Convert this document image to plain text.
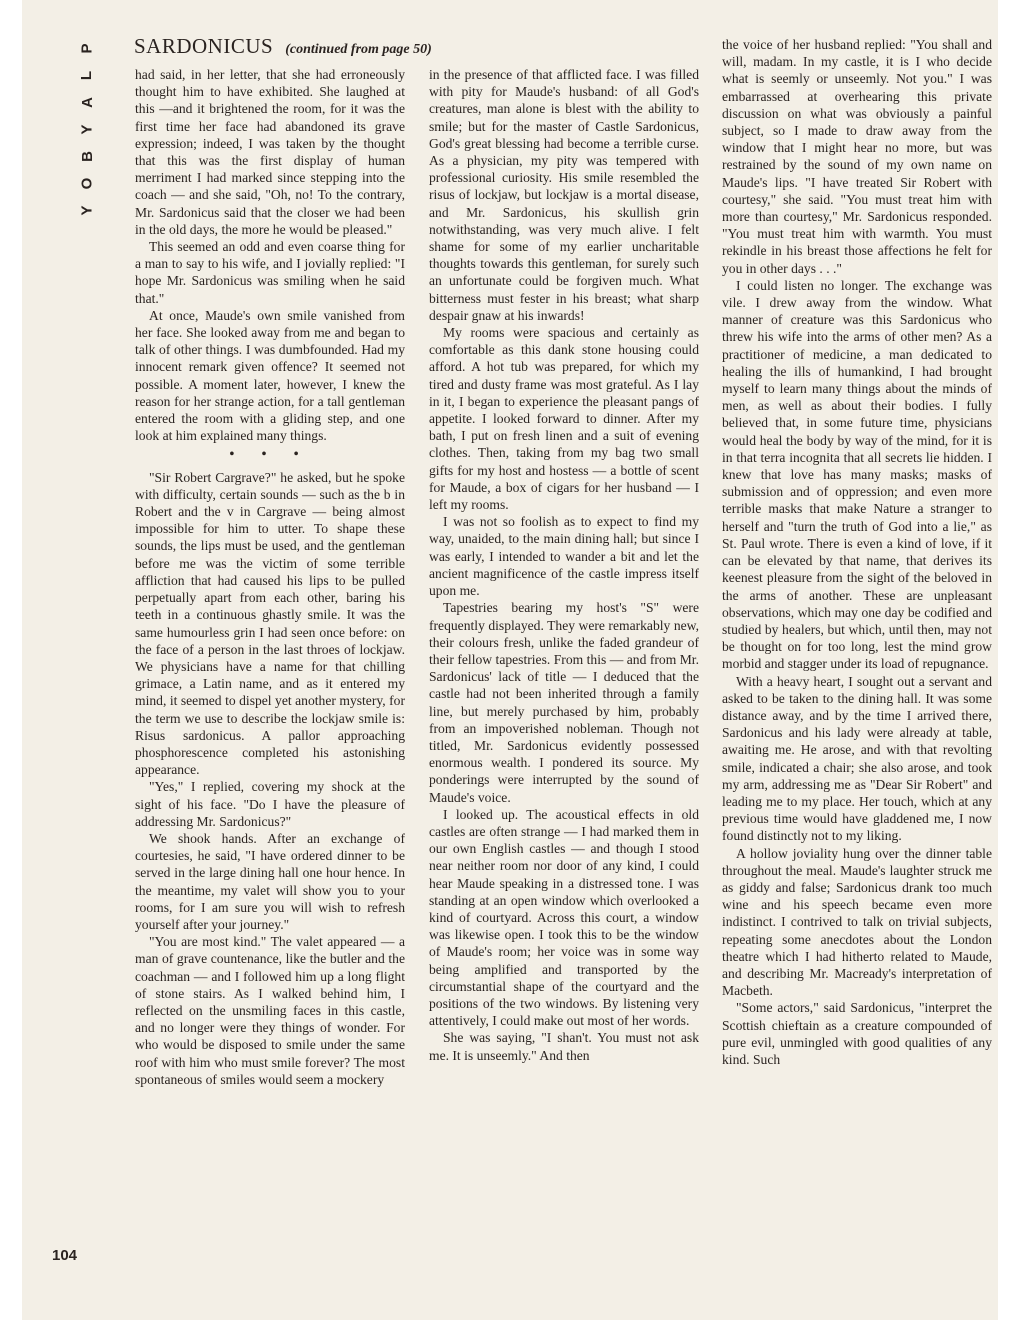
P
L
A
Y
B
O
Y
SARDONICUS (continued from page 50)

had said, in her letter, that she had erroneously thought him to have exhibited. She laughed at this —and it brightened the room, for it was the first time her face had abandoned its grave expression; indeed, I was taken by the thought that this was the first display of human merriment I had marked since stepping into the coach — and she said, "Oh, no! To the contrary, Mr. Sardonicus said that the closer we had been in the old days, the more he would be pleased."

This seemed an odd and even coarse thing for a man to say to his wife, and I jovially replied: "I hope Mr. Sardonicus was smiling when he said that."

At once, Maude's own smile vanished from her face. She looked away from me and began to talk of other things. I was dumbfounded. Had my innocent remark given offence? It seemed not possible. A moment later, however, I knew the reason for her strange action, for a tall gentleman entered the room with a gliding step, and one look at him explained many things.

• • •

"Sir Robert Cargrave?" he asked, but he spoke with difficulty, certain sounds — such as the b in Robert and the v in Cargrave — being almost impossible for him to utter. To shape these sounds, the lips must be used, and the gentleman before me was the victim of some terrible affliction that had caused his lips to be pulled perpetually apart from each other, baring his teeth in a continuous ghastly smile. It was the same humourless grin I had seen once before: on the face of a person in the last throes of lockjaw. We physicians have a name for that chilling grimace, a Latin name, and as it entered my mind, it seemed to dispel yet another mystery, for the term we use to describe the lockjaw smile is: Risus sardonicus. A pallor approaching phosphorescence completed his astonishing appearance.

"Yes," I replied, covering my shock at the sight of his face. "Do I have the pleasure of addressing Mr. Sardonicus?"

We shook hands. After an exchange of courtesies, he said, "I have ordered dinner to be served in the large dining hall one hour hence. In the meantime, my valet will show you to your rooms, for I am sure you will wish to refresh yourself after your journey."

"You are most kind." The valet appeared — a man of grave countenance, like the butler and the coachman — and I followed him up a long flight of stone stairs. As I walked behind him, I reflected on the unsmiling faces in this castle, and no longer were they things of wonder. For who would be disposed to smile under the same roof with him who must smile forever? The most spontaneous of smiles would seem a mockery

in the presence of that afflicted face. I was filled with pity for Maude's husband: of all God's creatures, man alone is blest with the ability to smile; but for the master of Castle Sardonicus, God's great blessing had become a terrible curse. As a physician, my pity was tempered with professional curiosity. His smile resembled the risus of lockjaw, but lockjaw is a mortal disease, and Mr. Sardonicus, his skullish grin notwithstanding, was very much alive. I felt shame for some of my earlier uncharitable thoughts towards this gentleman, for surely such an unfortunate could be forgiven much. What bitterness must fester in his breast; what sharp despair gnaw at his inwards!

My rooms were spacious and certainly as comfortable as this dank stone housing could afford. A hot tub was prepared, for which my tired and dusty frame was most grateful. As I lay in it, I began to experience the pleasant pangs of appetite. I looked forward to dinner. After my bath, I put on fresh linen and a suit of evening clothes. Then, taking from my bag two small gifts for my host and hostess — a bottle of scent for Maude, a box of cigars for her husband — I left my rooms.

I was not so foolish as to expect to find my way, unaided, to the main dining hall; but since I was early, I intended to wander a bit and let the ancient magnificence of the castle impress itself upon me.

Tapestries bearing my host's "S" were frequently displayed. They were remarkably new, their colours fresh, unlike the faded grandeur of their fellow tapestries. From this — and from Mr. Sardonicus' lack of title — I deduced that the castle had not been inherited through a family line, but merely purchased by him, probably from an impoverished nobleman. Though not titled, Mr. Sardonicus evidently possessed enormous wealth. I pondered its source. My ponderings were interrupted by the sound of Maude's voice.

I looked up. The acoustical effects in old castles are often strange — I had marked them in our own English castles — and though I stood near neither room nor door of any kind, I could hear Maude speaking in a distressed tone. I was standing at an open window which overlooked a kind of courtyard. Across this court, a window was likewise open. I took this to be the window of Maude's room; her voice was in some way being amplified and transported by the circumstantial shape of the courtyard and the positions of the two windows. By listening very attentively, I could make out most of her words.

She was saying, "I shan't. You must not ask me. It is unseemly." And then

the voice of her husband replied: "You shall and will, madam. In my castle, it is I who decide what is seemly or unseemly. Not you." I was embarrassed at overhearing this private discussion on what was obviously a painful subject, so I made to draw away from the window that I might hear no more, but was restrained by the sound of my own name on Maude's lips. "I have treated Sir Robert with courtesy," she said. "You must treat him with more than courtesy," Mr. Sardonicus responded. "You must treat him with warmth. You must rekindle in his breast those affections he felt for you in other days . . ."

I could listen no longer. The exchange was vile. I drew away from the window. What manner of creature was this Sardonicus who threw his wife into the arms of other men? As a practitioner of medicine, a man dedicated to healing the ills of humankind, I had brought myself to learn many things about the minds of men, as well as about their bodies. I fully believed that, in some future time, physicians would heal the body by way of the mind, for it is in that terra incognita that all secrets lie hidden. I knew that love has many masks; masks of submission and of oppression; and even more terrible masks that make Nature a stranger to herself and "turn the truth of God into a lie," as St. Paul wrote. There is even a kind of love, if it can be elevated by that name, that derives its keenest pleasure from the sight of the beloved in the arms of another. These are unpleasant observations, which may one day be codified and studied by healers, but which, until then, may not be thought on for too long, lest the mind grow morbid and stagger under its load of repugnance.

With a heavy heart, I sought out a servant and asked to be taken to the dining hall. It was some distance away, and by the time I arrived there, Sardonicus and his lady were already at table, awaiting me. He arose, and with that revolting smile, indicated a chair; she also arose, and took my arm, addressing me as "Dear Sir Robert" and leading me to my place. Her touch, which at any previous time would have gladdened me, I now found distinctly not to my liking.

A hollow joviality hung over the dinner table throughout the meal. Maude's laughter struck me as giddy and false; Sardonicus drank too much wine and his speech became even more indistinct. I contrived to talk on trivial subjects, repeating some anecdotes about the London theatre which I had hitherto related to Maude, and describing Mr. Macready's interpretation of Macbeth.

"Some actors," said Sardonicus, "interpret the Scottish chieftain as a creature compounded of pure evil, unmingled with good qualities of any kind. Such

104
